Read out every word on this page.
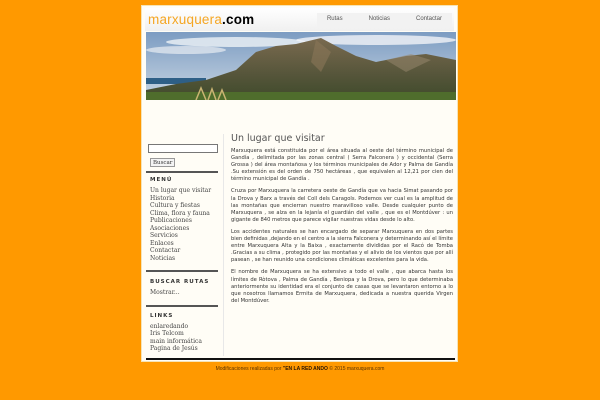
marxuquera.com	Rutas	Noticias	Contactar
Buscar
MENÚ
Un lugar que visitar
Historia
Cultura y fiestas
Clima, flora y fauna
Publicaciones
Asociaciones
Servicios
Enlaces
Contactar
Noticias
BUSCAR RUTAS
Mostrar...
LINKS
enlaredando
Iris Telcom
main informática
Pagina de Jesús
Un lugar que visitar

Marxuquera está constituida por el área situada al oeste del término municipal de Gandía , delimitada por las zonas central ( Serra Falconera ) y occidental (Serra Grossa ) del área montañosa y los términos municipales de Ador y Palma de Gandía .Su extensión es del orden de 750 hectáreas , que equivalen al 12,21 por cien del término municipal de Gandía .

Cruza por Marxuquera la carretera oeste de Gandía que va hacia Simat pasando por la Drova y Barx a través del Coll dels Caragols. Podemos ver cual es la amplitud de las montañas que encierran nuestro maravilloso valle. Desde cualquier punto de Marxuquera , se alza en la lejanía el guardián del valle , que es el Montdúver : un gigante de 840 metros que parece vigilar nuestras vidas desde lo alto.

Los accidentes naturales se han encargado de separar Marxuquera en dos partes bien definidas ,dejando en el centro a la sierra Falconera y determinando así el límite entre Marxuquera Alta y la Baixa , exactamente divididas por el Racó de Tomba .Gracias a su clima , protegido por las montañas y el alivio de los vientos que por allí pasean , se han reunido una condiciones climáticas excelentes para la vida.

El nombre de Marxuquera se ha extensivo a todo el valle , que abarca hasta los límites de Ròtova , Palma de Gandía , Beniopa y la Drova, pero lo que determinaba anteriormente su identidad era el conjunto de casas que se levantaron entorno a lo que nosotros llamamos Ermita de Marxuquera, dedicada a nuestra querida Virgen del Montdúver.

Modificaciones realizadas por "EN LA RED ANDO © 2015 marxuquera.com
